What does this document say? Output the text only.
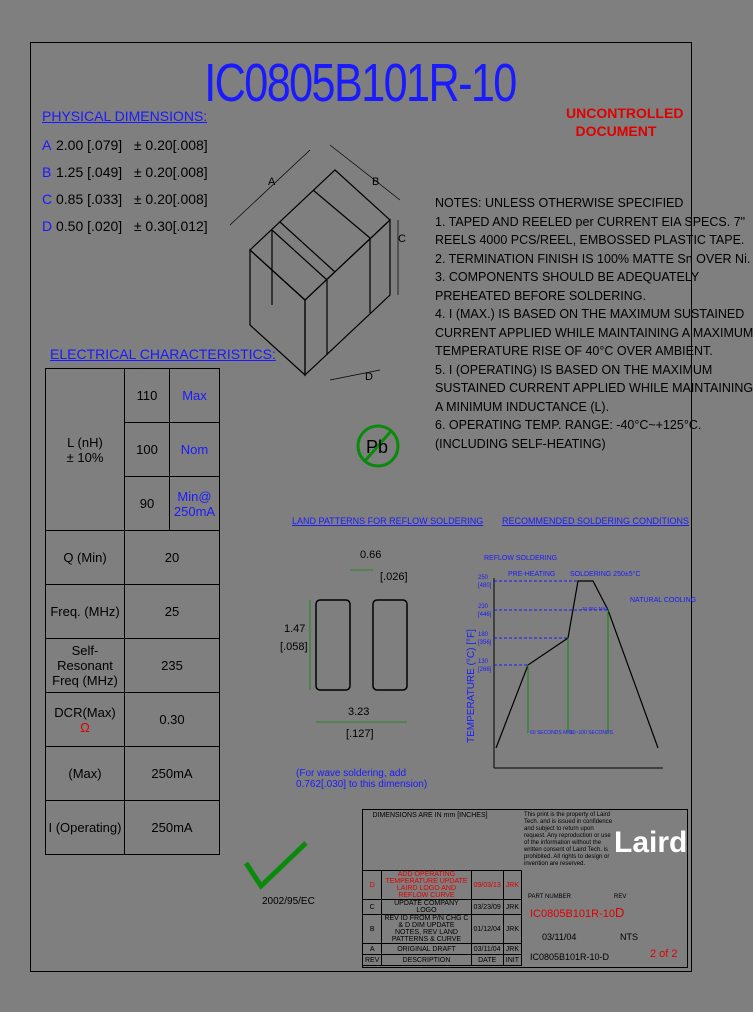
IC0805B101R-10	UNCONTROLLED DOCUMENT
PHYSICAL DIMENSIONS:
A 2.00 [.079] ± 0.20[.008]
B 1.25 [.049] ± 0.20[.008]
C 0.85 [.033] ± 0.20[.008]
D 0.50 [.020] ± 0.30[.012]
A	B
C
D
Pb
NOTES: UNLESS OTHERWISE SPECIFIED
1. TAPED AND REELED per CURRENT EIA SPECS. 7"
REELS 4000 PCS/REEL, EMBOSSED PLASTIC TAPE.
2. TERMINATION FINISH IS 100% MATTE Sn OVER Ni.
3. COMPONENTS SHOULD BE ADEQUATELY
PREHEATED BEFORE SOLDERING.
4. I (MAX.) IS BASED ON THE MAXIMUM SUSTAINED
CURRENT APPLIED WHILE MAINTAINING A MAXIMUM
TEMPERATURE RISE OF 40°C OVER AMBIENT.
5. I (OPERATING) IS BASED ON THE MAXIMUM
SUSTAINED CURRENT APPLIED WHILE MAINTAINING
A MINIMUM INDUCTANCE (L).
6. OPERATING TEMP. RANGE: -40°C~+125°C.
(INCLUDING SELF-HEATING)
ELECTRICAL CHARACTERISTICS:
L (nH)
± 10%	110	Max
	100	Nom
	90	Min@ 250mA
Q (Min)	20	
Freq. (MHz)	25	
Self-Resonant Freq (MHz)	235	
DCR(Max)
Ω	0.30	
(Max)	250mA	
I (Operating)	250mA	
LAND PATTERNS FOR REFLOW SOLDERING
0.66
[.026]
1.47
[.058]
3.23
[.127]
(For wave soldering, add 0.762[.030] to this dimension)
RECOMMENDED SOLDERING CONDITIONS
REFLOW SOLDERING
PRE-HEATING SOLDERING 250±5°C
NATURAL COOLING
TEMPERATURE (°C) [°F]
250
[480]
230
[446]
180
[356]
130
[266]
60 SECONDS MIN.
30~100 SECONDS
10 SEC MAX
2002/95/EC
DIMENSIONS ARE IN mm [INCHES]	This print is the property of Laird Tech. and is issued in confidence and subject to return upon request. Any reproduction or use of the information without the written consent of Laird Tech. is prohibited. All rights to design or invention are reserved.
Laird
D	ADD OPERATING TEMPERATURE UPDATE LAIRD LOGO AND REFLOW CURVE	09/03/13	JRK
C	UPDATE COMPANY LOGO	03/23/09	JRK
B	REV ID FROM P/N CHG C & D DIM UPDATE NOTES, REV LAND PATTERNS & CURVE	01/12/04	JRK
A	ORIGINAL DRAFT	03/11/04	JRK
REV	DESCRIPTION	DATE	INIT
PART NUMBER
IC0805B101R-10
REV
D
03/11/04	NTS
IC0805B101R-10-D	2 of 2
